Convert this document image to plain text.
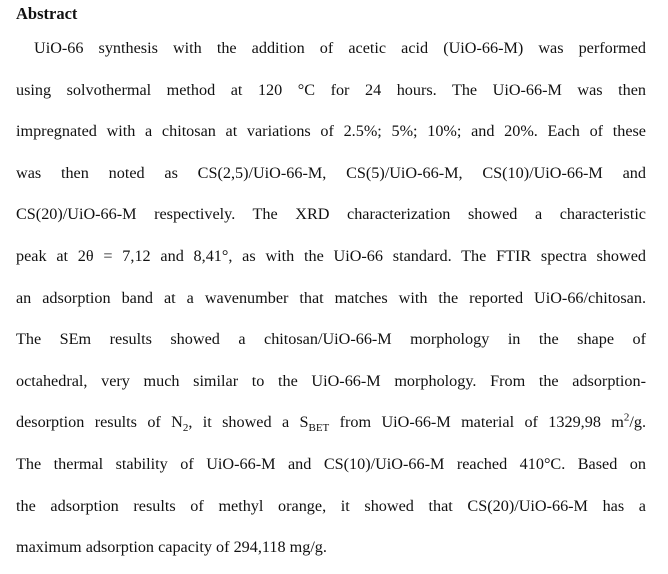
Abstract
UiO-66 synthesis with the addition of acetic acid (UiO-66-M) was performed
using solvothermal method at 120 °C for 24 hours. The UiO-66-M was then
impregnated with a chitosan at variations of 2.5%; 5%; 10%; and 20%. Each of these
was then noted as CS(2,5)/UiO-66-M, CS(5)/UiO-66-M, CS(10)/UiO-66-M and
CS(20)/UiO-66-M respectively. The XRD characterization showed a characteristic
peak at 2θ = 7,12 and 8,41°, as with the UiO-66 standard. The FTIR spectra showed
an adsorption band at a wavenumber that matches with the reported UiO-66/chitosan.
The SEm results showed a chitosan/UiO-66-M morphology in the shape of
octahedral, very much similar to the UiO-66-M morphology. From the adsorption-
desorption results of $N_2$, it showed a $S_{BET}$ from UiO-66-M material of 1329,98 $m^2/g$.
The thermal stability of UiO-66-M and CS(10)/UiO-66-M reached 410°C. Based on
the adsorption results of methyl orange, it showed that CS(20)/UiO-66-M has a
maximum adsorption capacity of 294,118 mg/g.
